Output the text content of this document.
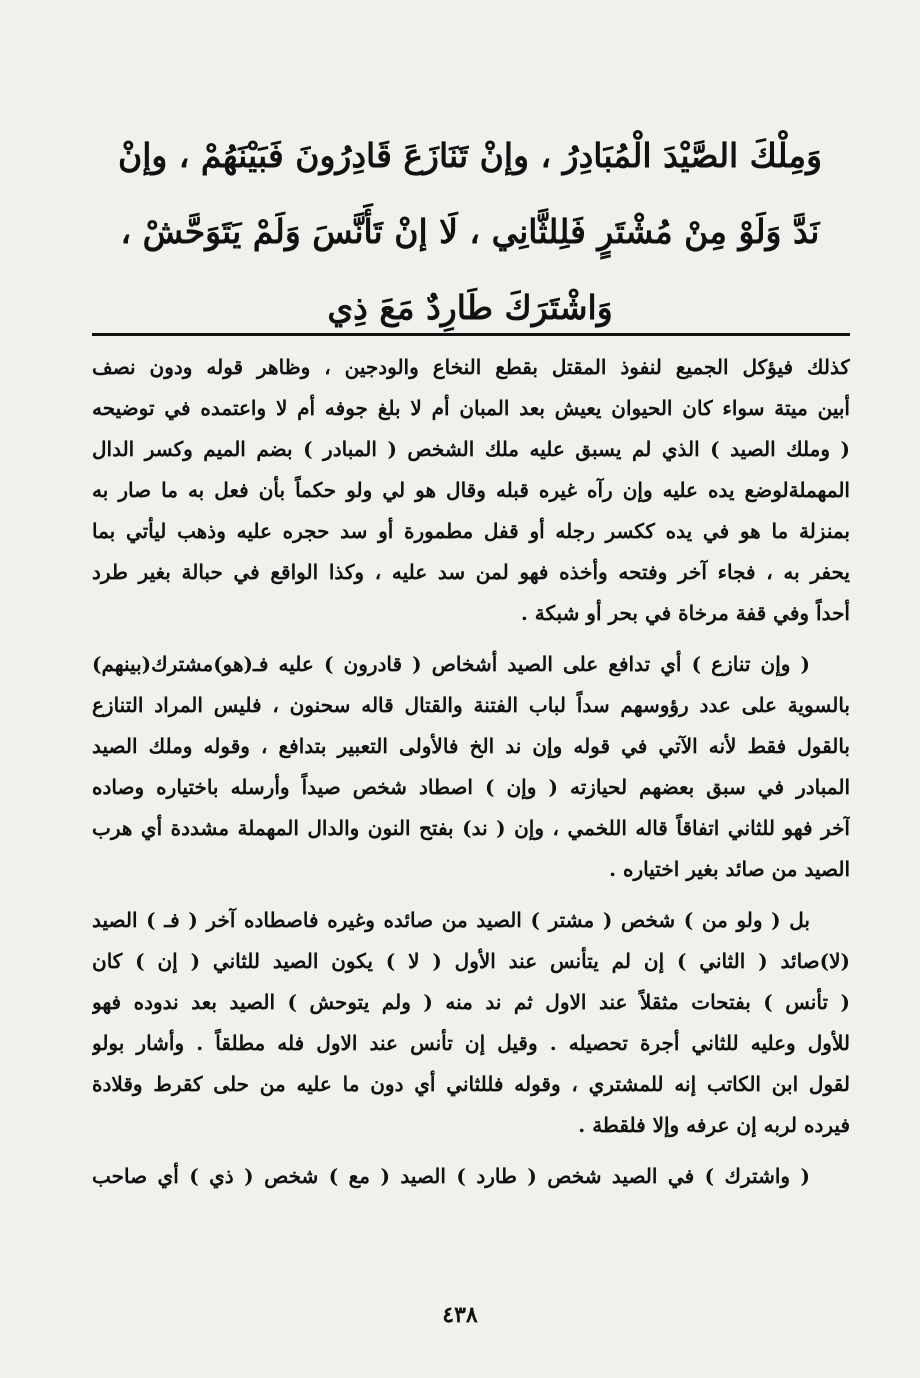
وَمِلْكَ الصَّيْدَ الْمُبَادِرُ ، وإنْ تَنَازَعَ قَادِرُونَ فَبَيْنَهُمْ ، وإنْ
نَدَّ وَلَوْ مِنْ مُشْتَرٍ فَلِلثَّانِي ، لَا إنْ تَأَنَّسَ وَلَمْ يَتَوَحَّشْ ،
وَاشْتَرَكَ طَارِدٌ مَعَ ذِي
كذلك فيؤكل الجميع لنفوذ المقتل بقطع النخاع والودجين ، وظاهر قوله ودون نصف
أبين ميتة سواء كان الحيوان يعيش بعد المبان أم لا بلغ جوفه أم لا واعتمده في توضيحه
( وملك الصيد ) الذي لم يسبق عليه ملك الشخص ( المبادر ) بضم الميم وكسر الدال
المهملةلوضع يده عليه وإن رآه غيره قبله وقال هو لي ولو حكماً بأن فعل به ما صار به
بمنزلة ما هو في يده ككسر رجله أو قفل مطمورة أو سد حجره عليه وذهب ليأتي بما
يحفر به ، فجاء آخر وفتحه وأخذه فهو لمن سد عليه ، وكذا الواقع في حبالة بغير طرد
أحداً وفي قفة مرخاة في بحر أو شبكة .
( وإن تنازع ) أي تدافع على الصيد أشخاص ( قادرون ) عليه فـ(هو)مشترك(بينهم)
بالسوية على عدد رؤوسهم سداً لباب الفتنة والقتال قاله سحنون ، فليس المراد التنازع
بالقول فقط لأنه الآتي في قوله وإن ند الخ فالأولى التعبير بتدافع ، وقوله وملك الصيد
المبادر في سبق بعضهم لحيازته ( وإن ) اصطاد شخص صيداً وأرسله باختياره وصاده
آخر فهو للثاني اتفاقاً قاله اللخمي ، وإن ( ند) بفتح النون والدال المهملة مشددة أي هرب
الصيد من صائد بغير اختياره .
بل ( ولو من ) شخص ( مشتر ) الصيد من صائده وغيره فاصطاده آخر ( فـ ) الصيد
(لا)صائد ( الثاني ) إن لم يتأنس عند الأول ( لا ) يكون الصيد للثاني ( إن ) كان
( تأنس ) بفتحات مثقلاً عند الاول ثم ند منه ( ولم يتوحش ) الصيد بعد ندوده فهو
للأول وعليه للثاني أجرة تحصيله . وقيل إن تأنس عند الاول فله مطلقاً . وأشار بولو
لقول ابن الكاتب إنه للمشتري ، وقوله فللثاني أي دون ما عليه من حلى كقرط وقلادة
فيرده لربه إن عرفه وإلا فلقطة .
( واشترك ) في الصيد شخص ( طارد ) الصيد ( مع ) شخص ( ذي ) أي صاحب
٤٣٨
